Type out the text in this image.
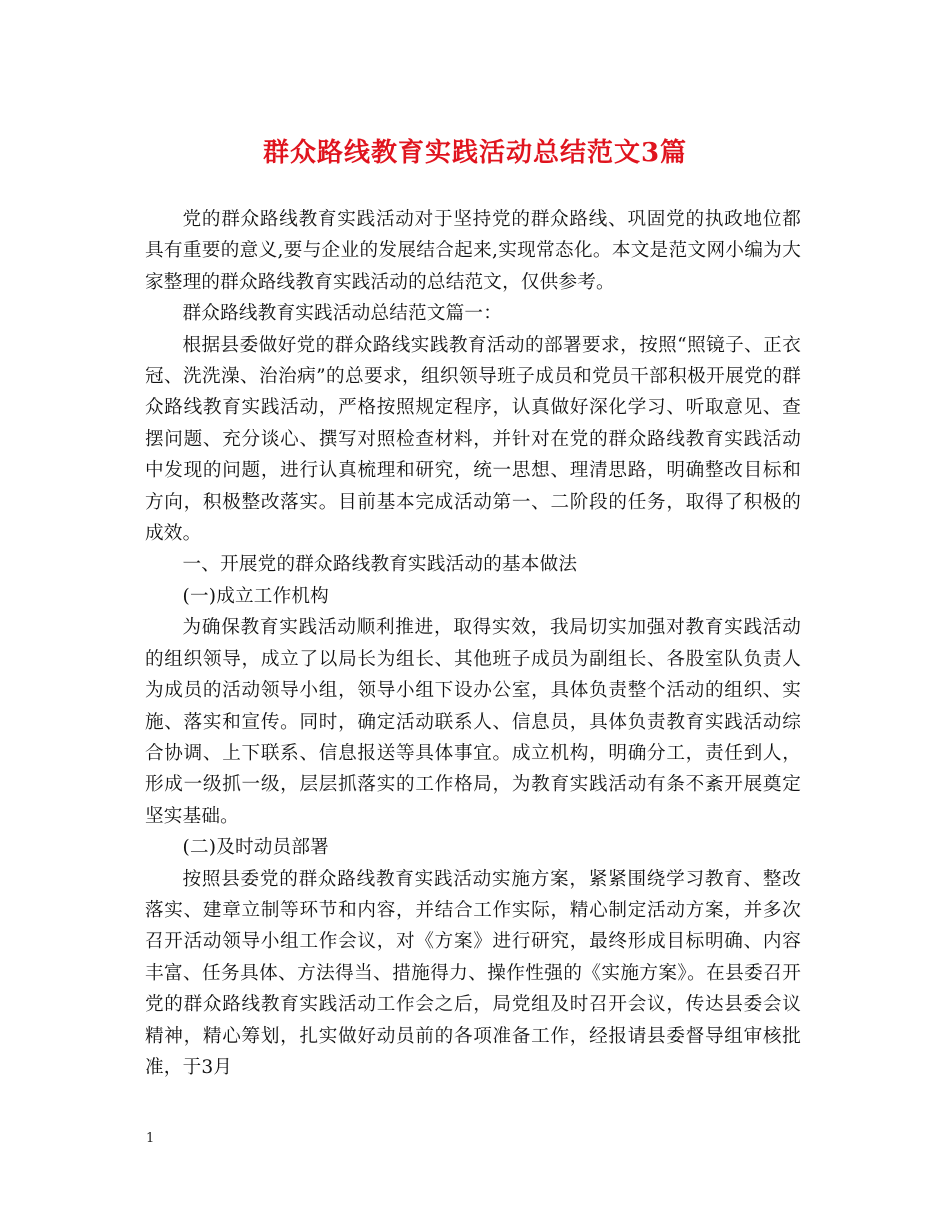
群众路线教育实践活动总结范文3篇

党的群众路线教育实践活动对于坚持党的群众路线、巩固党的执政地位都具有重要的意义,要与企业的发展结合起来,实现常态化。本文是范文网小编为大家整理的群众路线教育实践活动的总结范文，仅供参考。

群众路线教育实践活动总结范文篇一：

根据县委做好党的群众路线实践教育活动的部署要求，按照“照镜子、正衣冠、洗洗澡、治治病”的总要求，组织领导班子成员和党员干部积极开展党的群众路线教育实践活动，严格按照规定程序，认真做好深化学习、听取意见、查摆问题、充分谈心、撰写对照检查材料，并针对在党的群众路线教育实践活动中发现的问题，进行认真梳理和研究，统一思想、理清思路，明确整改目标和方向，积极整改落实。目前基本完成活动第一、二阶段的任务，取得了积极的成效。

一、开展党的群众路线教育实践活动的基本做法

(一)成立工作机构

为确保教育实践活动顺利推进，取得实效，我局切实加强对教育实践活动的组织领导，成立了以局长为组长、其他班子成员为副组长、各股室队负责人为成员的活动领导小组，领导小组下设办公室，具体负责整个活动的组织、实施、落实和宣传。同时，确定活动联系人、信息员，具体负责教育实践活动综合协调、上下联系、信息报送等具体事宜。成立机构，明确分工，责任到人，形成一级抓一级，层层抓落实的工作格局，为教育实践活动有条不紊开展奠定坚实基础。

(二)及时动员部署

按照县委党的群众路线教育实践活动实施方案，紧紧围绕学习教育、整改落实、建章立制等环节和内容，并结合工作实际，精心制定活动方案，并多次召开活动领导小组工作会议，对《方案》进行研究，最终形成目标明确、内容丰富、任务具体、方法得当、措施得力、操作性强的《实施方案》。在县委召开党的群众路线教育实践活动工作会之后，局党组及时召开会议，传达县委会议精神，精心筹划，扎实做好动员前的各项准备工作，经报请县委督导组审核批准，于3月

1
